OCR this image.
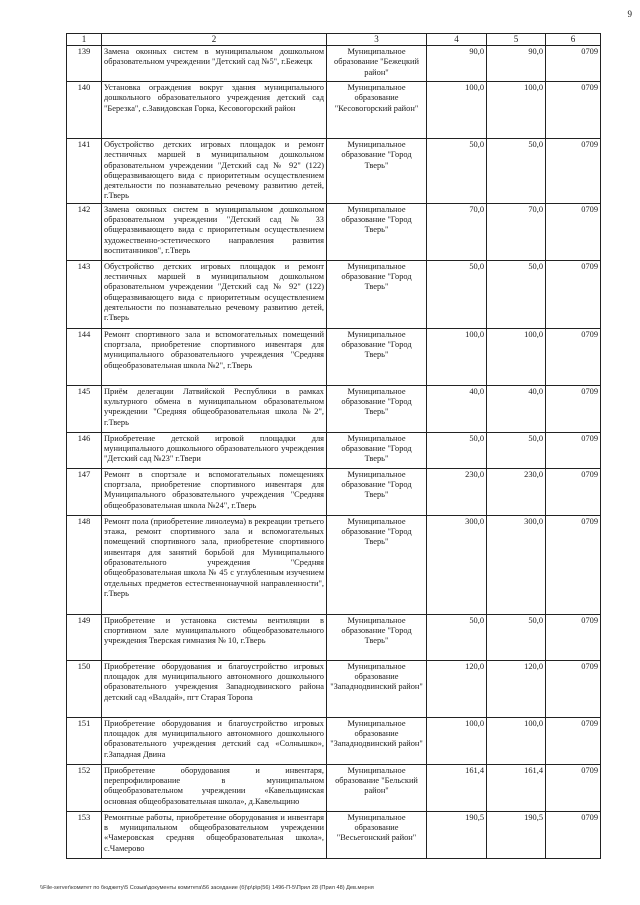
9
1	2	3	4	5	6
139	Замена оконных систем в муниципальном дошкольном образовательном учреждении "Детский сад №5", г.Бежецк	Муниципальное образование "Бежецкий район"	90,0	90,0	0709
140	Установка ограждения вокруг здания муниципального дошкольного образовательного учреждения детский сад "Березка", с.Завидовская Горка, Кесовогорский район	Муниципальное образование "Кесовогорский район"	100,0	100,0	0709
141	Обустройство детских игровых площадок и ремонт лестничных маршей в муниципальном дошкольном образовательном учреждении "Детский сад № 92" (122) общеразвивающего вида с приоритетным осуществлением деятельности по познавательно речевому развитию детей, г.Тверь	Муниципальное образование "Город Тверь"	50,0	50,0	0709
142	Замена оконных систем в муниципальном дошкольном образовательном учреждении "Детский сад № 33 общеразвивающего вида с приоритетным осуществлением художественно-эстетического направления развития воспитанников", г.Тверь	Муниципальное образование "Город Тверь"	70,0	70,0	0709
143	Обустройство детских игровых площадок и ремонт лестничных маршей в муниципальном дошкольном образовательном учреждении "Детский сад № 92" (122) общеразвивающего вида с приоритетным осуществлением деятельности по познавательно речевому развитию детей, г.Тверь	Муниципальное образование "Город Тверь"	50,0	50,0	0709
144	Ремонт спортивного зала и вспомогательных помещений спортзала, приобретение спортивного инвентаря для муниципального образовательного учреждения "Средняя общеобразовательная школа №2", г.Тверь	Муниципальное образование "Город Тверь"	100,0	100,0	0709
145	Приём делегации Латвийской Республики в рамках культурного обмена в муниципальном образовательном учреждении "Средняя общеобразовательная школа №2", г.Тверь	Муниципальное образование "Город Тверь"	40,0	40,0	0709
146	Приобретение детской игровой площадки для муниципального дошкольного образовательного учреждения "Детский сад №23" г.Твери	Муниципальное образование "Город Тверь"	50,0	50,0	0709
147	Ремонт в спортзале и вспомогательных помещениях спортзала, приобретение спортивного инвентаря для Муниципального образовательного учреждения "Средняя общеобразовательная школа №24", г.Тверь	Муниципальное образование "Город Тверь"	230,0	230,0	0709
148	Ремонт пола (приобретение линолеума) в рекреации третьего этажа, ремонт спортивного зала и вспомогательных помещений спортивного зала, приобретение спортивного инвентаря для занятий борьбой для Муниципального образовательного учреждения "Средняя общеобразовательная школа № 45 с углубленным изучением отдельных предметов естественнонаучной направленности", г.Тверь	Муниципальное образование "Город Тверь"	300,0	300,0	0709
149	Приобретение и установка системы вентиляции в спортивном зале муниципального общеобразовательного учреждения Тверская гимназия № 10, г.Тверь	Муниципальное образование "Город Тверь"	50,0	50,0	0709
150	Приобретение оборудования и благоустройство игровых площадок для муниципального автономного дошкольного образовательного учреждения Западнодвинского района детский сад «Валдай», пгт Старая Торопа	Муниципальное образование "Западнодвинский район"	120,0	120,0	0709
151	Приобретение оборудования и благоустройство игровых площадок для муниципального автономного дошкольного образовательного учреждения детский сад «Солнышко», г.Западная Двина	Муниципальное образование "Западнодвинский район"	100,0	100,0	0709
152	Приобретение оборудования и инвентаря, перепрофилирование в муниципальном общеобразовательном учреждении «Кавельщинская основная общеобразовательная школа», д.Кавельщино	Муниципальное образование "Бельский район"	161,4	161,4	0709
153	Ремонтные работы, приобретение оборудования и инвентаря в муниципальном общеобразовательном учреждении «Чамеровская средняя общеобразовательная школа», с.Чамерово	Муниципальное образование "Весьегонский район"	190,5	190,5	0709
\\File-server\комитет по бюджету\5 Созыв\документы комитета\56 заседание (б)\р\р\р(56) 1496-П-5\Прил 28 (Прил 48) Дев.мерня
